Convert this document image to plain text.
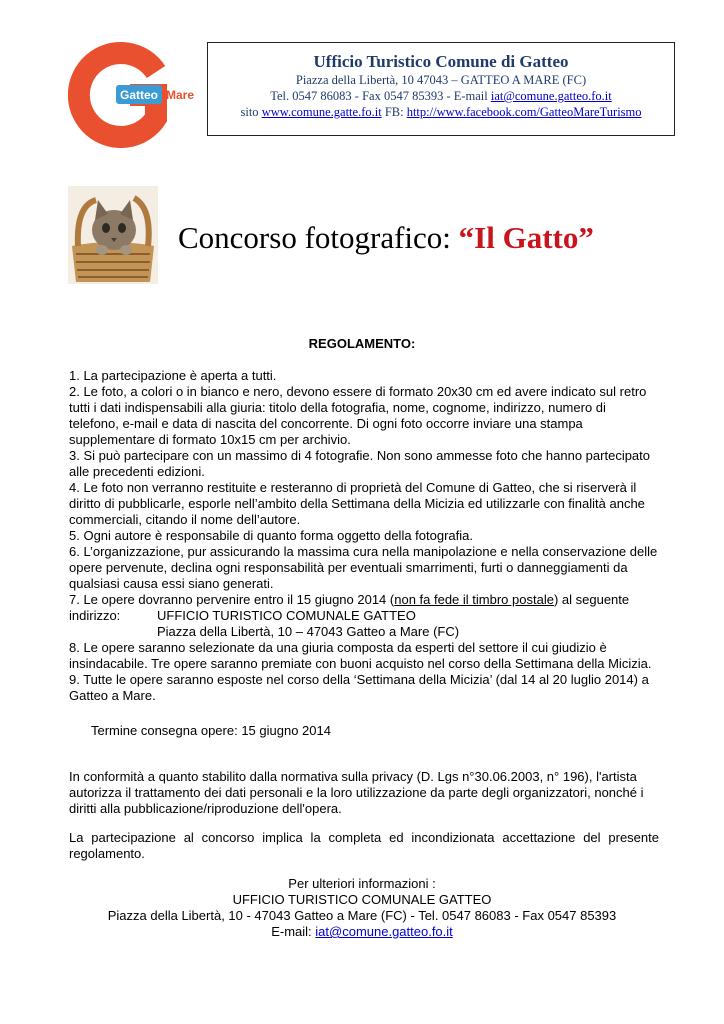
Gatteo Mare
Ufficio Turistico Comune di Gatteo
Piazza della Libertà, 10 47043 – GATTEO A MARE (FC)
Tel. 0547 86083 - Fax 0547 85393 - E-mail iat@comune.gatteo.fo.it
sito www.comune.gatte.fo.it FB: http://www.facebook.com/GatteoMareTurismo
Concorso fotografico: “Il Gatto”
REGOLAMENTO:

1. La partecipazione è aperta a tutti.

2. Le foto, a colori o in bianco e nero, devono essere di formato 20x30 cm ed avere indicato sul retro tutti i dati indispensabili alla giuria: titolo della fotografia, nome, cognome, indirizzo, numero di telefono, e-mail e data di nascita del concorrente. Di ogni foto occorre inviare una stampa supplementare di formato 10x15 cm per archivio.

3. Si può partecipare con un massimo di 4 fotografie. Non sono ammesse foto che hanno partecipato alle precedenti edizioni.

4. Le foto non verranno restituite e resteranno di proprietà del Comune di Gatteo, che si riserverà il diritto di pubblicarle, esporle nell’ambito della Settimana della Micizia ed utilizzarle con finalità anche commerciali, citando il nome dell’autore.

5. Ogni autore è responsabile di quanto forma oggetto della fotografia.

6. L’organizzazione, pur assicurando la massima cura nella manipolazione e nella conservazione delle opere pervenute, declina ogni responsabilità per eventuali smarrimenti, furti o danneggiamenti da qualsiasi causa essi siano generati.

7. Le opere dovranno pervenire entro il 15 giugno 2014 (non fa fede il timbro postale) al seguente

indirizzo:	UFFICIO TURISTICO COMUNALE GATTEO

Piazza della Libertà, 10 – 47043 Gatteo a Mare (FC)

8. Le opere saranno selezionate da una giuria composta da esperti del settore il cui giudizio è insindacabile. Tre opere saranno premiate con buoni acquisto nel corso della Settimana della Micizia.

9. Tutte le opere saranno esposte nel corso della ‘Settimana della Micizia’ (dal 14 al 20 luglio 2014) a Gatteo a Mare.

Termine consegna opere: 15 giugno 2014
In conformità a quanto stabilito dalla normativa sulla privacy (D. Lgs n°30.06.2003, n° 196), l'artista autorizza il trattamento dei dati personali e la loro utilizzazione da parte degli organizzatori, nonché i diritti alla pubblicazione/riproduzione dell'opera.
La partecipazione al concorso implica la completa ed incondizionata accettazione del presente regolamento.
Per ulteriori informazioni :
UFFICIO TURISTICO COMUNALE GATTEO
Piazza della Libertà, 10 - 47043 Gatteo a Mare (FC) - Tel. 0547 86083 - Fax 0547 85393
E-mail: iat@comune.gatteo.fo.it
